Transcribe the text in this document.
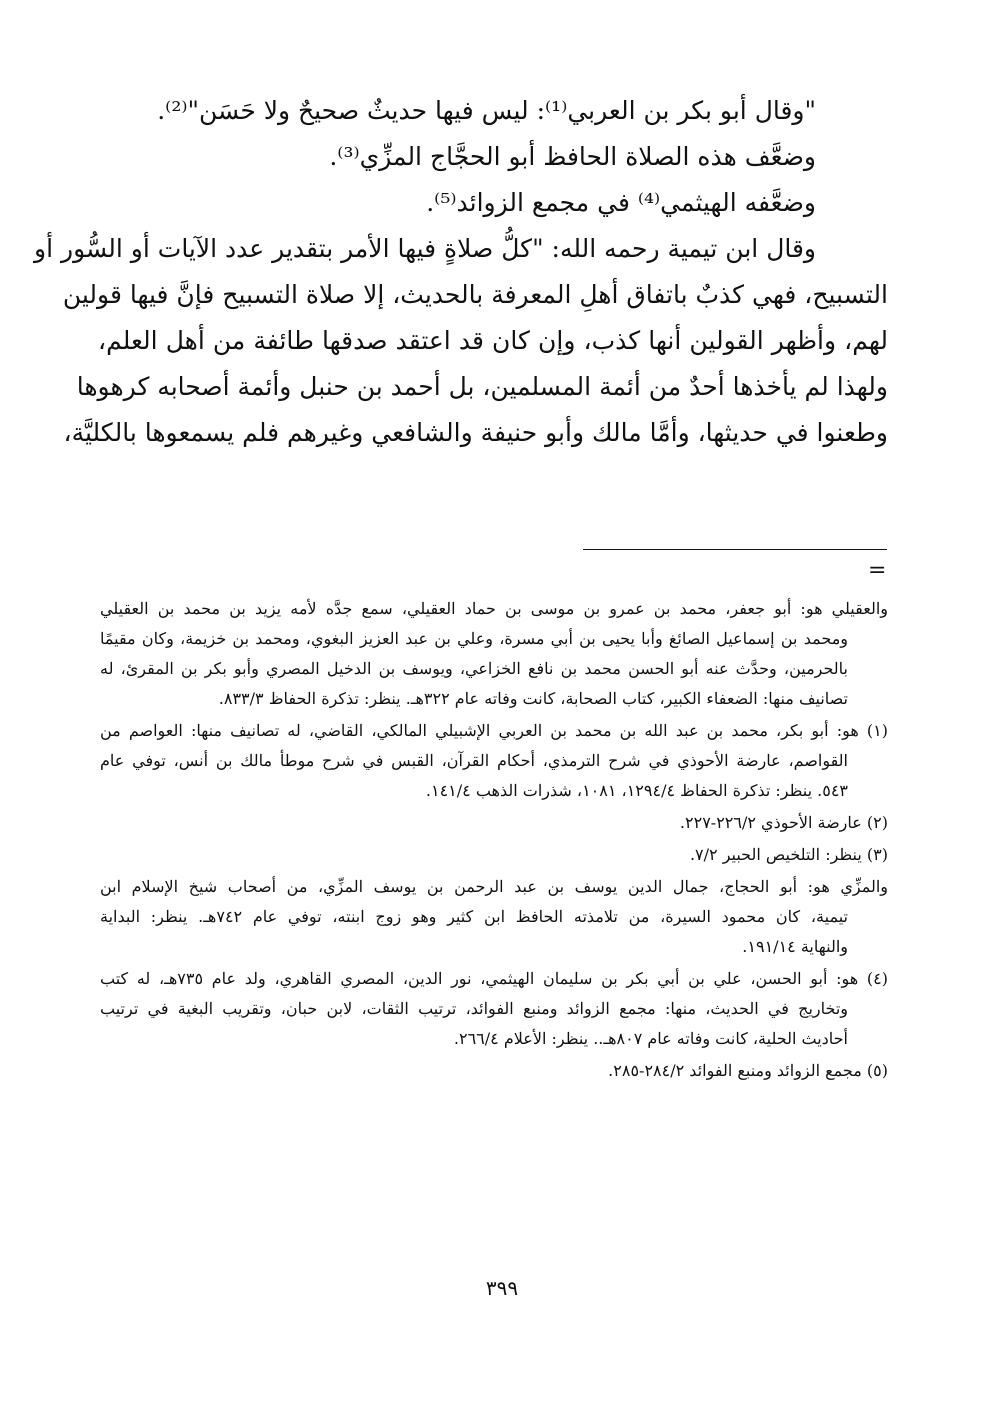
"وقال أبو بكر بن العربي⁽¹⁾: ليس فيها حديثٌ صحيحٌ ولا حَسَن"⁽²⁾.
وضعَّف هذه الصلاة الحافظ أبو الحجَّاج المزِّي⁽³⁾.
وضعَّفه الهيثمي⁽⁴⁾ في مجمع الزوائد⁽⁵⁾.
وقال ابن تيمية رحمه الله: "كلُّ صلاةٍ فيها الأمر بتقدير عدد الآيات أو السُّور أو
التسبيح، فهي كذبٌ باتفاق أهلِ المعرفة بالحديث، إلا صلاة التسبيح فإنَّ فيها قولين
لهم، وأظهر القولين أنها كذب، وإن كان قد اعتقد صدقها طائفة من أهل العلم،
ولهذا لم يأخذها أحدٌ من أئمة المسلمين، بل أحمد بن حنبل وأئمة أصحابه كرهوها
وطعنوا في حديثها، وأمَّا مالك وأبو حنيفة والشافعي وغيرهم فلم يسمعوها بالكليَّة،
=
والعقيلي هو: أبو جعفر، محمد بن عمرو بن موسى بن حماد العقيلي، سمع جدَّه لأمه يزيد بن محمد بن العقيلي
ومحمد بن إسماعيل الصائغ وأبا يحيى بن أبي مسرة، وعلي بن عبد العزيز البغوي، ومحمد بن خزيمة، وكان مقيمًا
بالحرمين، وحدَّث عنه أبو الحسن محمد بن نافع الخزاعي، ويوسف بن الدخيل المصري وأبو بكر بن المقرئ، له
تصانيف منها: الضعفاء الكبير، كتاب الصحابة، كانت وفاته عام ٣٢٢هـ. ينظر: تذكرة الحفاظ ٨٣٣/٣.
(١) هو: أبو بكر، محمد بن عبد الله بن محمد بن العربي الإشبيلي المالكي، القاضي، له تصانيف منها: العواصم من
القواصم، عارضة الأحوذي في شرح الترمذي، أحكام القرآن، القبس في شرح موطأ مالك بن أنس، توفي عام
٥٤٣. ينظر: تذكرة الحفاظ ١٢٩٤/٤، ١٠٨١، شذرات الذهب ١٤١/٤.
(٢) عارضة الأحوذي ٢٢٦/٢-٢٢٧.
(٣) ينظر: التلخيص الحبير ٧/٢.
والمزِّي هو: أبو الحجاج، جمال الدين يوسف بن عبد الرحمن بن يوسف المزِّي، من أصحاب شيخ الإسلام ابن
تيمية، كان محمود السيرة، من تلامذته الحافظ ابن كثير وهو زوج ابنته، توفي عام ٧٤٢هـ. ينظر: البداية
والنهاية ١٩١/١٤.
(٤) هو: أبو الحسن، علي بن أبي بكر بن سليمان الهيثمي، نور الدين، المصري القاهري، ولد عام ٧٣٥هـ، له كتب
وتخاريج في الحديث، منها: مجمع الزوائد ومنبع الفوائد، ترتيب الثقات، لابن حبان، وتقريب البغية في ترتيب
أحاديث الحلية، كانت وفاته عام ٨٠٧هـ.. ينظر: الأعلام ٢٦٦/٤.
(٥) مجمع الزوائد ومنبع الفوائد ٢٨٤/٢-٢٨٥.
٣٩٩
